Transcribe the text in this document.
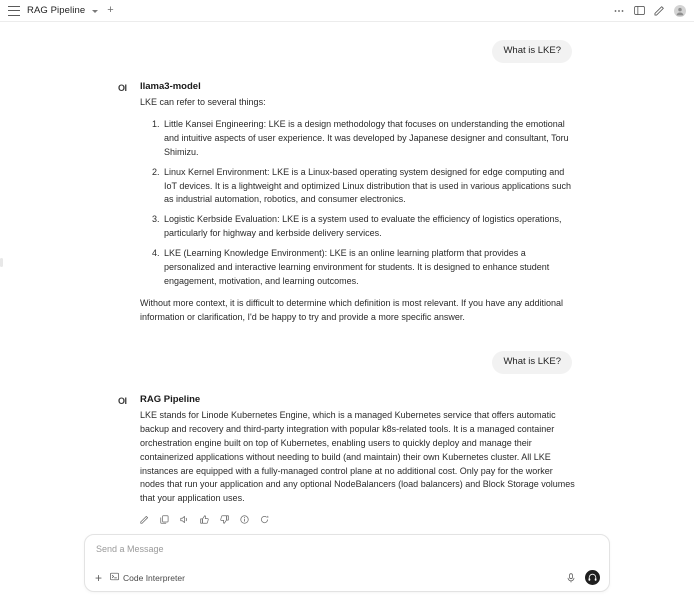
RAG Pipeline +
What is LKE?
OI	llama3-model

LKE can refer to several things:

1. Little Kansei Engineering: LKE is a design methodology that focuses on understanding the emotional and intuitive aspects of user experience. It was developed by Japanese designer and consultant, Toru Shimizu.
2. Linux Kernel Environment: LKE is a Linux-based operating system designed for edge computing and IoT devices. It is a lightweight and optimized Linux distribution that is used in various applications such as industrial automation, robotics, and consumer electronics.
3. Logistic Kerbside Evaluation: LKE is a system used to evaluate the efficiency of logistics operations, particularly for highway and kerbside delivery services.
4. LKE (Learning Knowledge Environment): LKE is an online learning platform that provides a personalized and interactive learning environment for students. It is designed to enhance student engagement, motivation, and learning outcomes.

Without more context, it is difficult to determine which definition is most relevant. If you have any additional information or clarification, I'd be happy to try and provide a more specific answer.

What is LKE?
OI	RAG Pipeline

LKE stands for Linode Kubernetes Engine, which is a managed Kubernetes service that offers automatic backup and recovery and third-party integration with popular k8s-related tools. It is a managed container orchestration engine built on top of Kubernetes, enabling users to quickly deploy and manage their containerized applications without needing to build (and maintain) their own Kubernetes cluster. All LKE instances are equipped with a fully-managed control plane at no additional cost. Only pay for the worker nodes that run your application and any optional NodeBalancers (load balancers) and Block Storage volumes that your application uses.

Send a Message
+ Code Interpreter
